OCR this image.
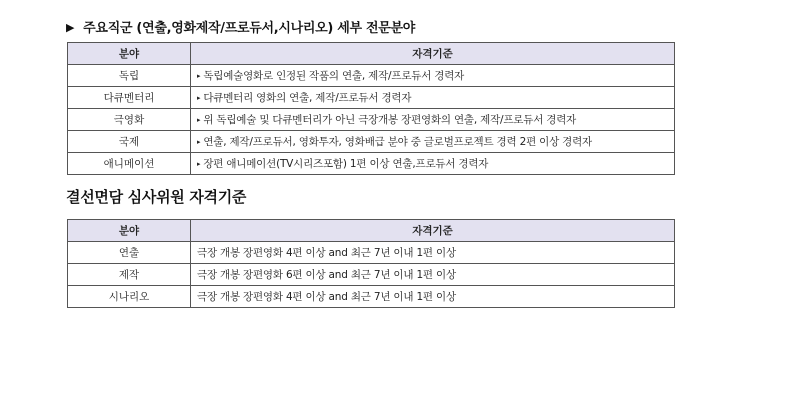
▶ 주요직군 (연출,영화제작/프로듀서,시나리오) 세부 전문분야
분야	자격기준
독립	▸ 독립예술영화로 인정된 작품의 연출, 제작/프로듀서 경력자
다큐멘터리	▸ 다큐멘터리 영화의 연출, 제작/프로듀서 경력자
극영화	▸ 위 독립예술 및 다큐멘터리가 아닌 극장개봉 장편영화의 연출, 제작/프로듀서 경력자
국제	▸ 연출, 제작/프로듀서, 영화투자, 영화배급 분야 중 글로벌프로젝트 경력 2편 이상 경력자
애니메이션	▸ 장편 애니메이션(TV시리즈포함) 1편 이상 연출,프로듀서 경력자
결선면담 심사위원 자격기준
분야	자격기준
연출	극장 개봉 장편영화 4편 이상 and 최근 7년 이내 1편 이상
제작	극장 개봉 장편영화 6편 이상 and 최근 7년 이내 1편 이상
시나리오	극장 개봉 장편영화 4편 이상 and 최근 7년 이내 1편 이상
